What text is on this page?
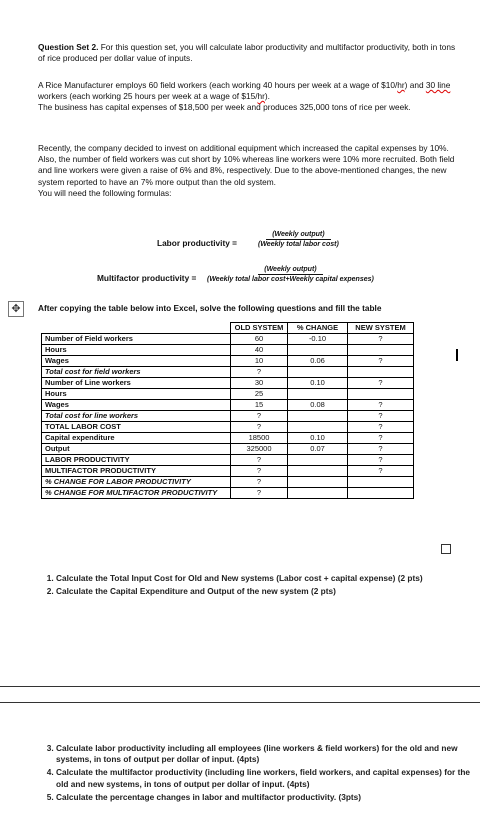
Question Set 2. For this question set, you will calculate labor productivity and multifactor productivity, both in tons of rice produced per dollar value of inputs.

A Rice Manufacturer employs 60 field workers (each working 40 hours per week at a wage of $10/hr) and 30 line workers (each working 25 hours per week at a wage of $15/hr).
The business has capital expenses of $18,500 per week and produces 325,000 tons of rice per week.

Recently, the company decided to invest on additional equipment which increased the capital expenses by 10%. Also, the number of field workers was cut short by 10% whereas line workers were 10% more recruited. Both field and line workers were given a raise of 6% and 8%, respectively. Due to the above-mentioned changes, the new system reported to have an 7% more output than the old system.
You will need the following formulas:

Labor productivity =
(Weekly output)
(Weekly total labor cost)
Multifactor productivity =
(Weekly output)
(Weekly total labor cost+Weekly capital expenses)
✥	After copying the table below into Excel, solve the following questions and fill the table

	OLD SYSTEM	% CHANGE	NEW SYSTEM
Number of Field workers	60	-0.10	?
Hours	40		
Wages	10	0.06	?
Total cost for field workers	?		
Number of Line workers	30	0.10	?
Hours	25		
Wages	15	0.08	?
Total cost for line workers	?		?
TOTAL LABOR COST	?		?
Capital expenditure	18500	0.10	?
Output	325000	0.07	?
LABOR PRODUCTIVITY	?		?
MULTIFACTOR PRODUCTIVITY	?		?
% CHANGE FOR LABOR PRODUCTIVITY	?		
% CHANGE FOR MULTIFACTOR PRODUCTIVITY	?		
1. Calculate the Total Input Cost for Old and New systems (Labor cost + capital expense) (2 pts)
2. Calculate the Capital Expenditure and Output of the new system (2 pts)
3. Calculate labor productivity including all employees (line workers & field workers) for the old and new systems, in tons of output per dollar of input. (4pts)
4. Calculate the multifactor productivity (including line workers, field workers, and capital expenses) for the old and new systems, in tons of output per dollar of input. (4pts)
5. Calculate the percentage changes in labor and multifactor productivity. (3pts)
